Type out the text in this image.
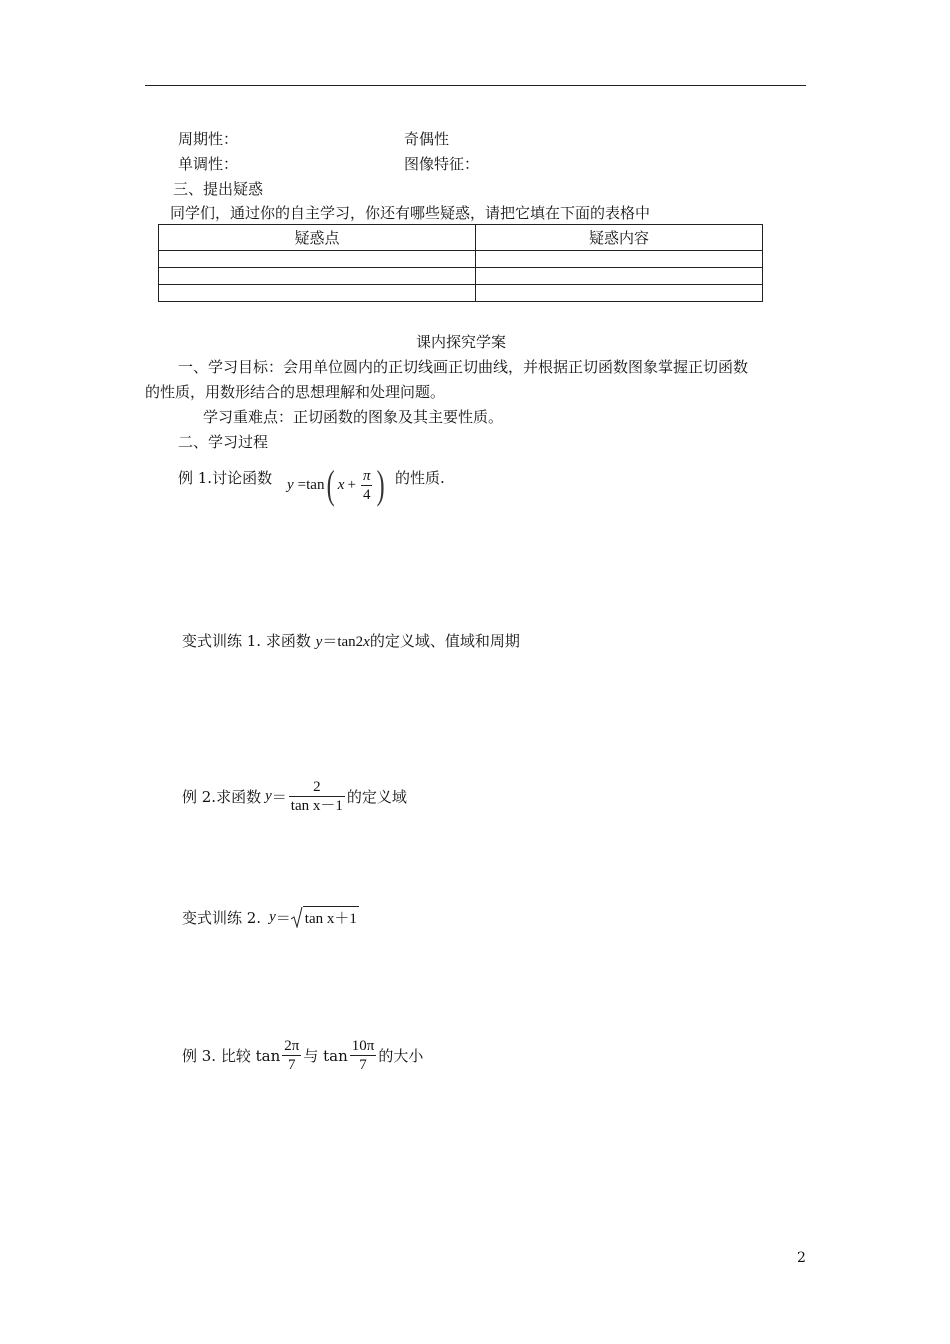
周期性：	奇偶性
单调性：	图像特征：
三、提出疑惑
同学们，通过你的自主学习，你还有哪些疑惑，请把它填在下面的表格中
疑惑点	疑惑内容

课内探究学案
一、学习目标：会用单位圆内的正切线画正切曲线，并根据正切函数图象掌握正切函数
的性质，用数形结合的思想理解和处理问题。
学习重难点：正切函数的图象及其主要性质。
二、学习过程
例 1.讨论函数 y =tan ( $x + \frac{\pi}{4}$ ) 的性质.
变式训练 1. 求函数 y＝tan2x的定义域、值域和周期
例 2.求函数 $y = \frac{2}{\text{tan x－1}}$ 的定义域
变式训练 2. y ＝ tan x＋1
例 3. 比较 $\tan \frac{2\pi}{7}$ 与 $\tan \frac{10\pi}{7}$ 的大小
2
